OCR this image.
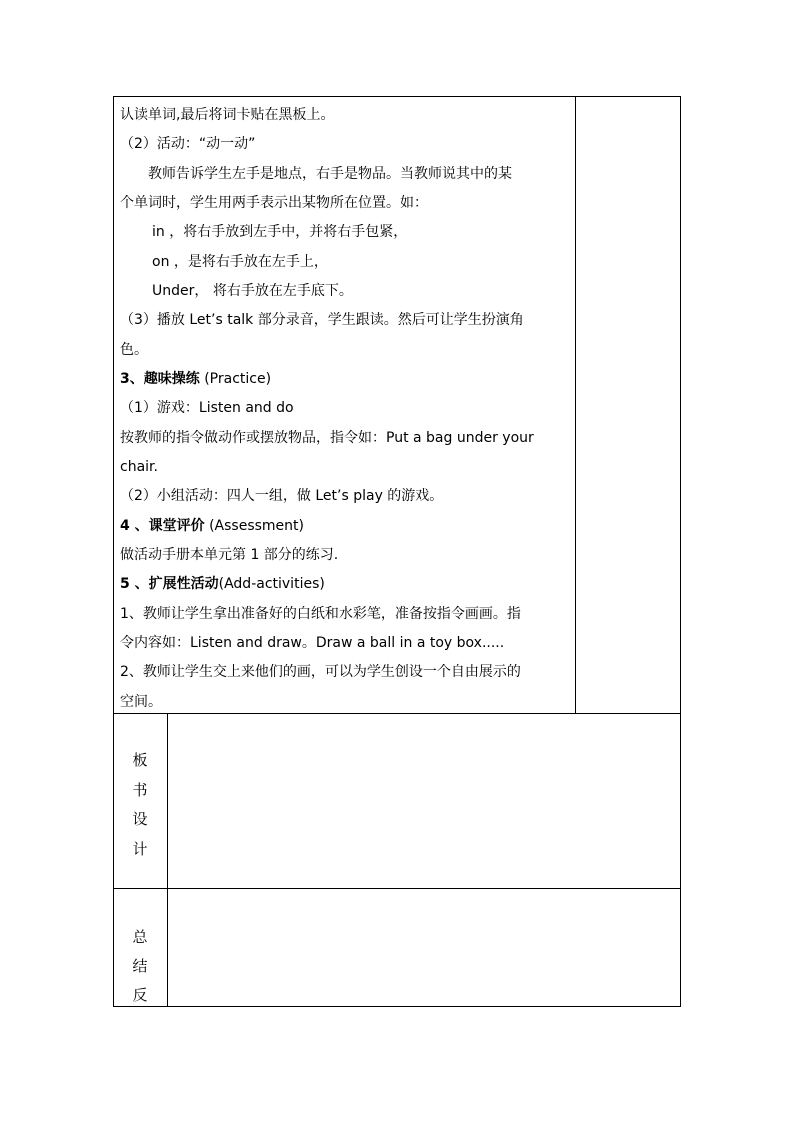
认读单词,最后将词卡贴在黑板上。
（2）活动：“动一动”
教师告诉学生左手是地点，右手是物品。当教师说其中的某
个单词时，学生用两手表示出某物所在位置。如：
in ，将右手放到左手中，并将右手包紧，
on ，是将右手放在左手上，
Under， 将右手放在左手底下。
（3）播放 Let’s talk 部分录音，学生跟读。然后可让学生扮演角
色。
3、趣味操练 (Practice)
（1）游戏：Listen and do
按教师的指令做动作或摆放物品，指令如：Put a bag under your
chair.
（2）小组活动：四人一组，做 Let’s play 的游戏。
4 、课堂评价 (Assessment)
做活动手册本单元第 1 部分的练习.
5 、扩展性活动(Add-activities)
1、教师让学生拿出准备好的白纸和水彩笔，准备按指令画画。指
令内容如：Listen and draw。Draw a ball in a toy box.....
2、教师让学生交上来他们的画，可以为学生创设一个自由展示的
空间。
板
书
设
计
总
结
反
